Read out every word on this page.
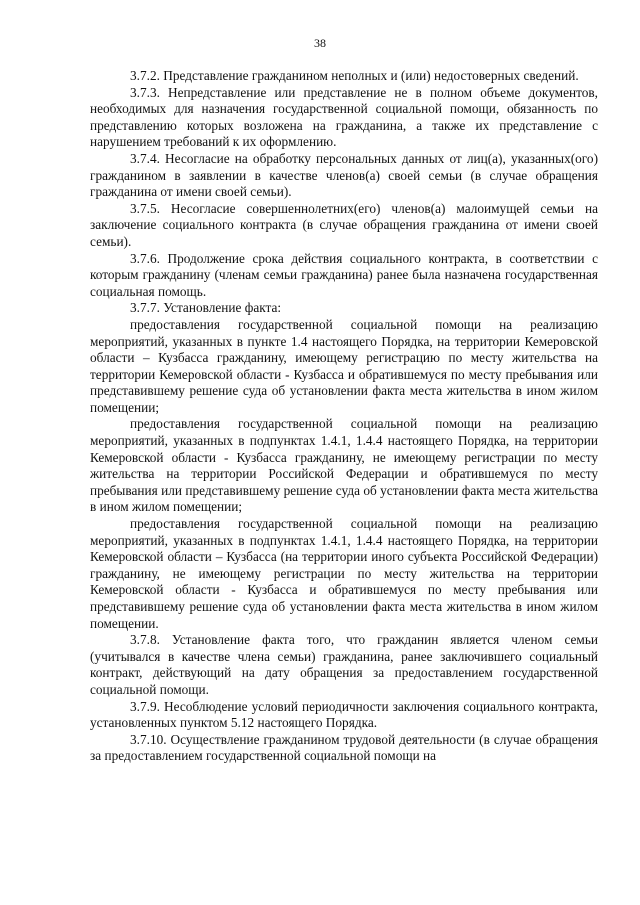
38

3.7.2. Представление гражданином неполных и (или) недостоверных сведений.

3.7.3. Непредставление или представление не в полном объеме документов, необходимых для назначения государственной социальной помощи, обязанность по представлению которых возложена на гражданина, а также их представление с нарушением требований к их оформлению.

3.7.4. Несогласие на обработку персональных данных от лиц(а), указанных(ого) гражданином в заявлении в качестве членов(а) своей семьи (в случае обращения гражданина от имени своей семьи).

3.7.5. Несогласие совершеннолетних(его) членов(а) малоимущей семьи на заключение социального контракта (в случае обращения гражданина от имени своей семьи).

3.7.6. Продолжение срока действия социального контракта, в соответствии с которым гражданину (членам семьи гражданина) ранее была назначена государственная социальная помощь.

3.7.7. Установление факта:

предоставления государственной социальной помощи на реализацию мероприятий, указанных в пункте 1.4 настоящего Порядка, на территории Кемеровской области – Кузбасса гражданину, имеющему регистрацию по месту жительства на территории Кемеровской области - Кузбасса и обратившемуся по месту пребывания или представившему решение суда об установлении факта места жительства в ином жилом помещении;

предоставления государственной социальной помощи на реализацию мероприятий, указанных в подпунктах 1.4.1, 1.4.4 настоящего Порядка, на территории Кемеровской области - Кузбасса гражданину, не имеющему регистрации по месту жительства на территории Российской Федерации и обратившемуся по месту пребывания или представившему решение суда об установлении факта места жительства в ином жилом помещении;

предоставления государственной социальной помощи на реализацию мероприятий, указанных в подпунктах 1.4.1, 1.4.4 настоящего Порядка, на территории Кемеровской области – Кузбасса (на территории иного субъекта Российской Федерации) гражданину, не имеющему регистрации по месту жительства на территории Кемеровской области - Кузбасса и обратившемуся по месту пребывания или представившему решение суда об установлении факта места жительства в ином жилом помещении.

3.7.8. Установление факта того, что гражданин является членом семьи (учитывался в качестве члена семьи) гражданина, ранее заключившего социальный контракт, действующий на дату обращения за предоставлением государственной социальной помощи.

3.7.9. Несоблюдение условий периодичности заключения социального контракта, установленных пунктом 5.12 настоящего Порядка.

3.7.10. Осуществление гражданином трудовой деятельности (в случае обращения за предоставлением государственной социальной помощи на
